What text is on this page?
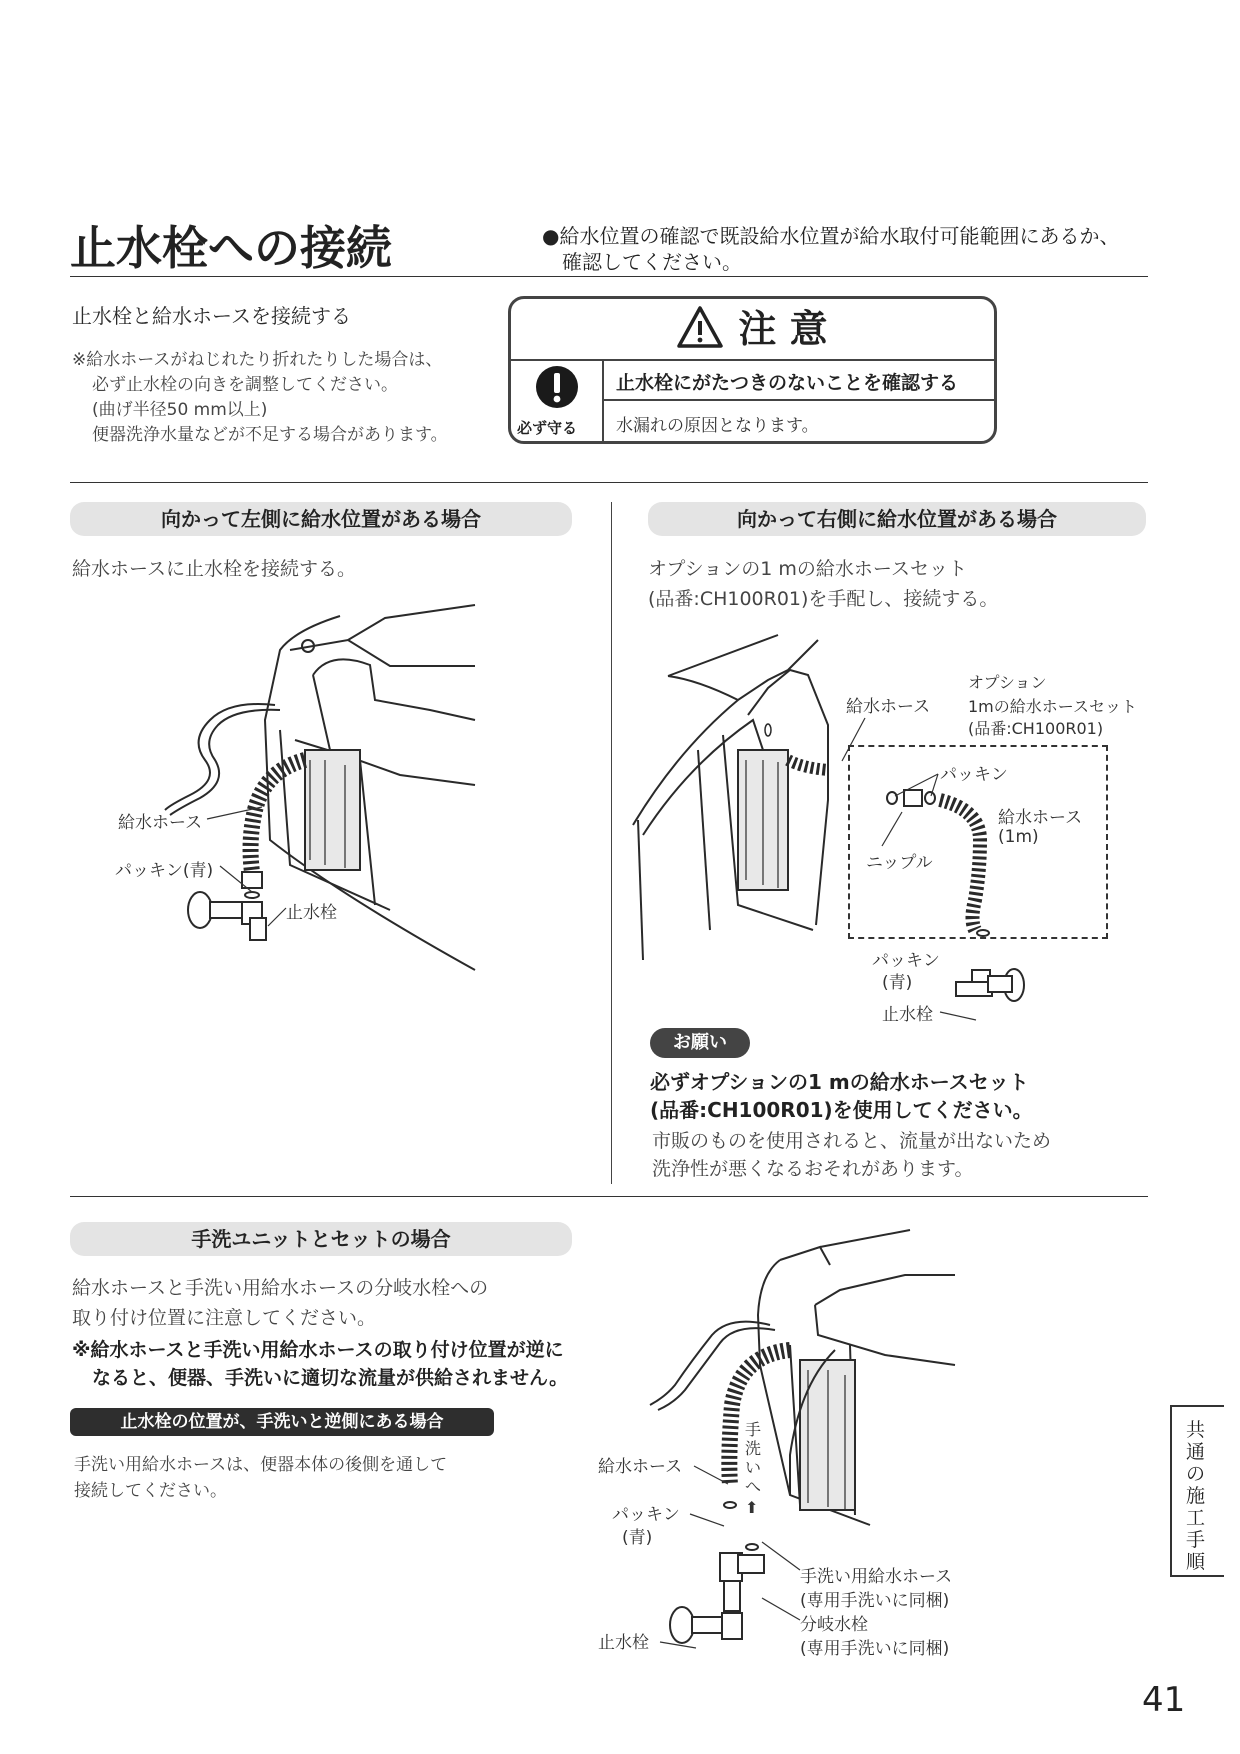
止水栓への接続	●給水位置の確認で既設給水位置が給水取付可能範囲にあるか、
確認してください。
止水栓と給水ホースを接続する
※給水ホースがねじれたり折れたりした場合は、
必ず止水栓の向きを調整してください。
(曲げ半径50 mm以上)
便器洗浄水量などが不足する場合があります。
注 意
必ず守る
止水栓にがたつきのないことを確認する
水漏れの原因となります。
向かって左側に給水位置がある場合
給水ホースに止水栓を接続する。
給水ホース
パッキン(青)
止水栓
向かって右側に給水位置がある場合
オプションの1 mの給水ホースセット
(品番:CH100R01)を手配し、接続する。
給水ホース
オプション
1mの給水ホースセット
(品番:CH100R01)
パッキン
給水ホース
(1m)
ニップル
パッキン
(青)
止水栓
お願い
必ずオプションの1 mの給水ホースセット
(品番:CH100R01)を使用してください。
市販のものを使用されると、流量が出ないため
洗浄性が悪くなるおそれがあります。
手洗ユニットとセットの場合
給水ホースと手洗い用給水ホースの分岐水栓への
取り付け位置に注意してください。
※給水ホースと手洗い用給水ホースの取り付け位置が逆に
なると、便器、手洗いに適切な流量が供給されません。
止水栓の位置が、手洗いと逆側にある場合
手洗い用給水ホースは、便器本体の後側を通して
接続してください。
給水ホース
パッキン
(青)
手洗いへ
⬆
手洗い用給水ホース
(専用手洗いに同梱)
分岐水栓
(専用手洗いに同梱)
止水栓
共通の施工手順
41
